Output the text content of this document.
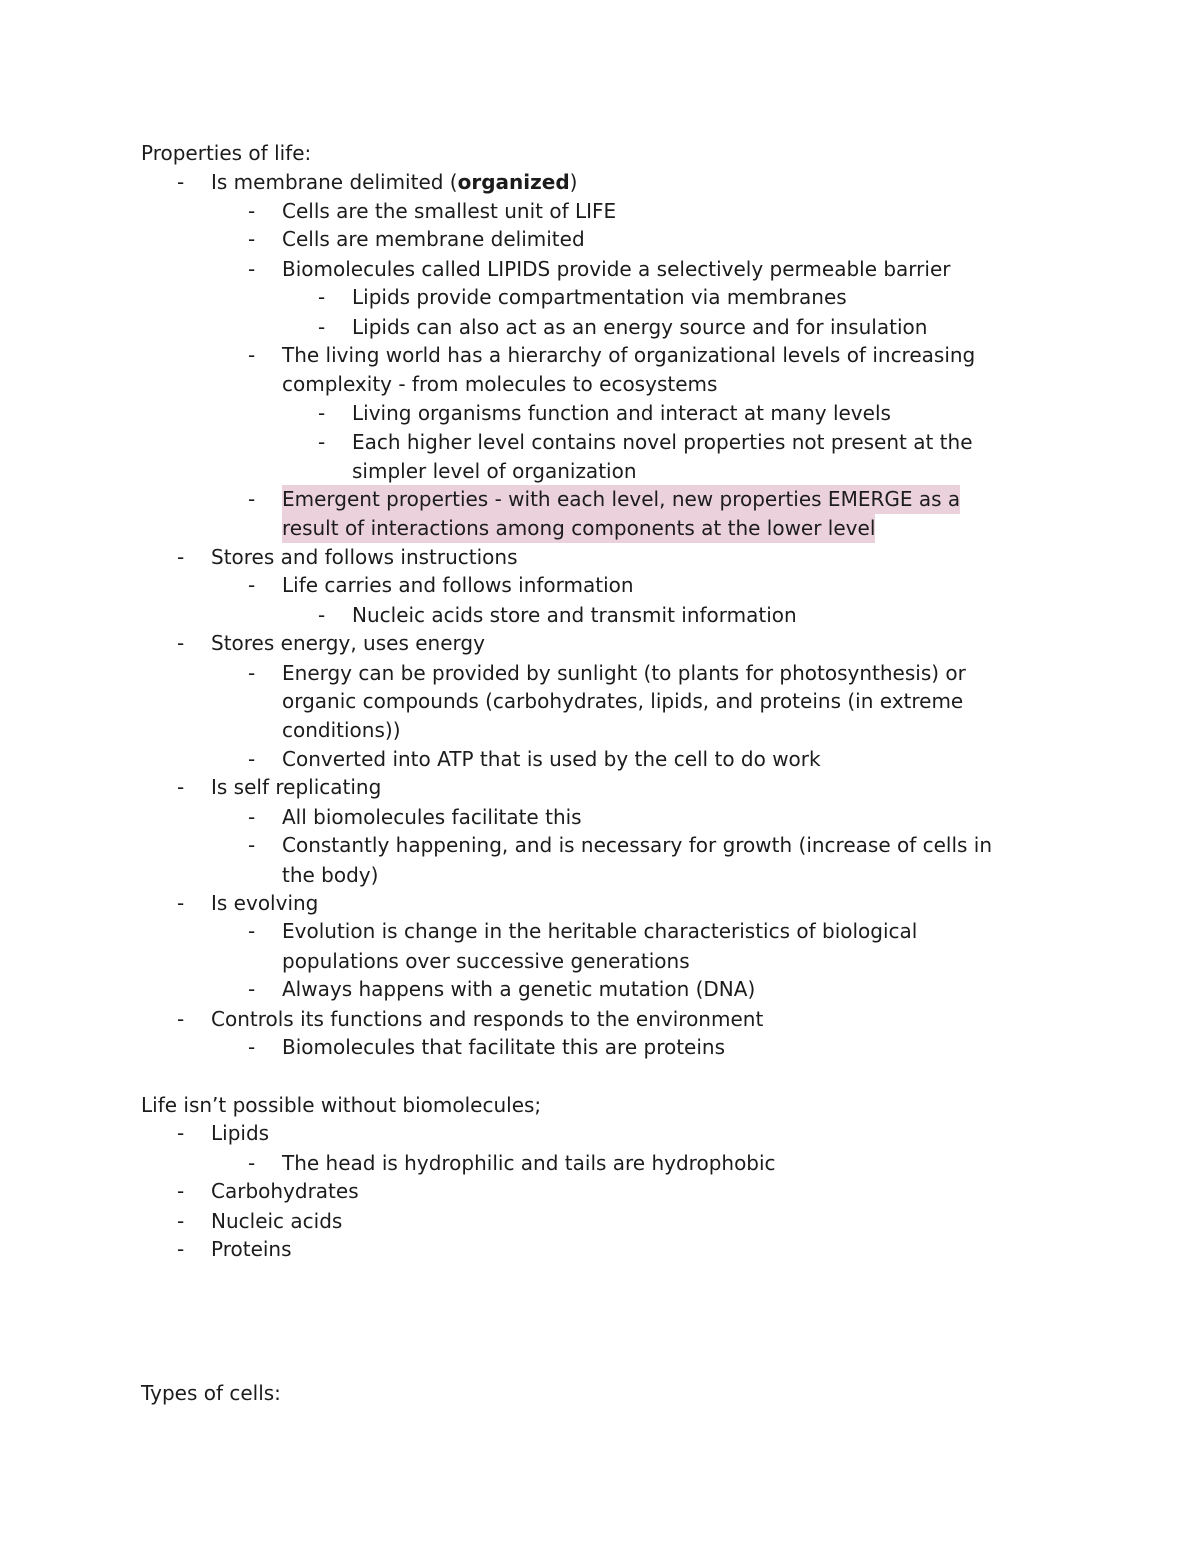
Properties of life:
- Is membrane delimited (organized)
- Cells are the smallest unit of LIFE
- Cells are membrane delimited
- Biomolecules called LIPIDS provide a selectively permeable barrier
- Lipids provide compartmentation via membranes
- Lipids can also act as an energy source and for insulation
- The living world has a hierarchy of organizational levels of increasing
complexity - from molecules to ecosystems
- Living organisms function and interact at many levels
- Each higher level contains novel properties not present at the
simpler level of organization
- Emergent properties - with each level, new properties EMERGE as a
result of interactions among components at the lower level
- Stores and follows instructions
- Life carries and follows information
- Nucleic acids store and transmit information
- Stores energy, uses energy
- Energy can be provided by sunlight (to plants for photosynthesis) or
organic compounds (carbohydrates, lipids, and proteins (in extreme
conditions))
- Converted into ATP that is used by the cell to do work
- Is self replicating
- All biomolecules facilitate this
- Constantly happening, and is necessary for growth (increase of cells in
the body)
- Is evolving
- Evolution is change in the heritable characteristics of biological
populations over successive generations
- Always happens with a genetic mutation (DNA)
- Controls its functions and responds to the environment
- Biomolecules that facilitate this are proteins
Life isn’t possible without biomolecules;
- Lipids
- The head is hydrophilic and tails are hydrophobic
- Carbohydrates
- Nucleic acids
- Proteins
Types of cells:
